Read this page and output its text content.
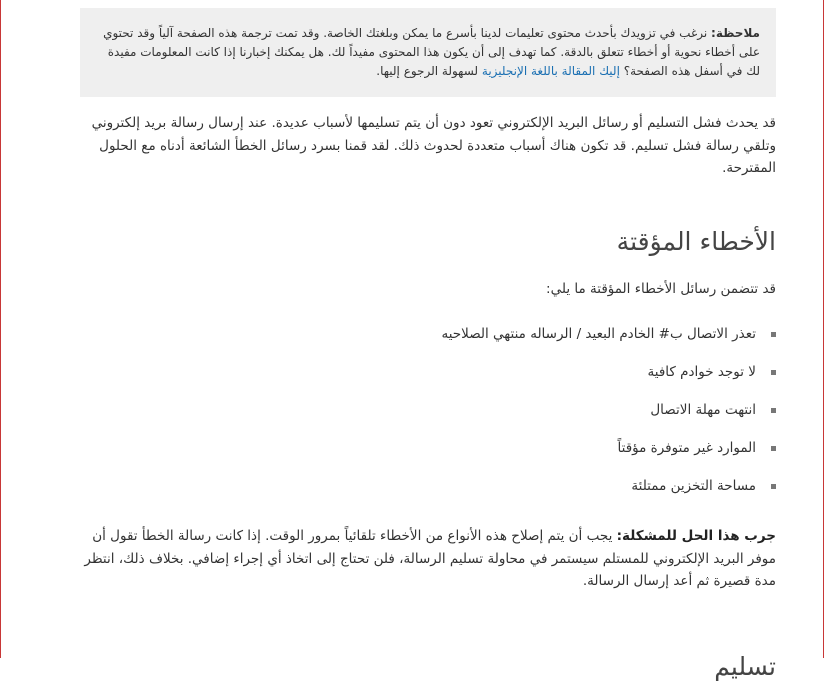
ملاحظة: نرغب في تزويدك بأحدث محتوى تعليمات لدينا بأسرع ما يمكن وبلغتك الخاصة. وقد تمت ترجمة هذه الصفحة آلياً وقد تحتوي على أخطاء نحوية أو أخطاء تتعلق بالدقة. كما تهدف إلى أن يكون هذا المحتوى مفيداً لك. هل يمكنك إخبارنا إذا كانت المعلومات مفيدة لك في أسفل هذه الصفحة؟ إليك المقالة باللغة الإنجليزية لسهولة الرجوع إليها.
قد يحدث فشل التسليم أو رسائل البريد الإلكتروني تعود دون أن يتم تسليمها لأسباب عديدة. عند إرسال رسالة بريد إلكتروني وتلقي رسالة فشل تسليم. قد تكون هناك أسباب متعددة لحدوث ذلك. لقد قمنا بسرد رسائل الخطأ الشائعة أدناه مع الحلول المقترحة.
الأخطاء المؤقتة
قد تتضمن رسائل الأخطاء المؤقتة ما يلي:
تعذر الاتصال ب# الخادم البعيد / الرساله منتهي الصلاحيه
لا توجد خوادم كافية
انتهت مهلة الاتصال
الموارد غير متوفرة مؤقتاً
مساحة التخزين ممتلئة
جرب هذا الحل للمشكلة: يجب أن يتم إصلاح هذه الأنواع من الأخطاء تلقائياً بمرور الوقت. إذا كانت رسالة الخطأ تقول أن موفر البريد الإلكتروني للمستلم سيستمر في محاولة تسليم الرسالة، فلن تحتاج إلى اتخاذ أي إجراء إضافي. بخلاف ذلك، انتظر مدة قصيرة ثم أعد إرسال الرسالة.
تسليم
